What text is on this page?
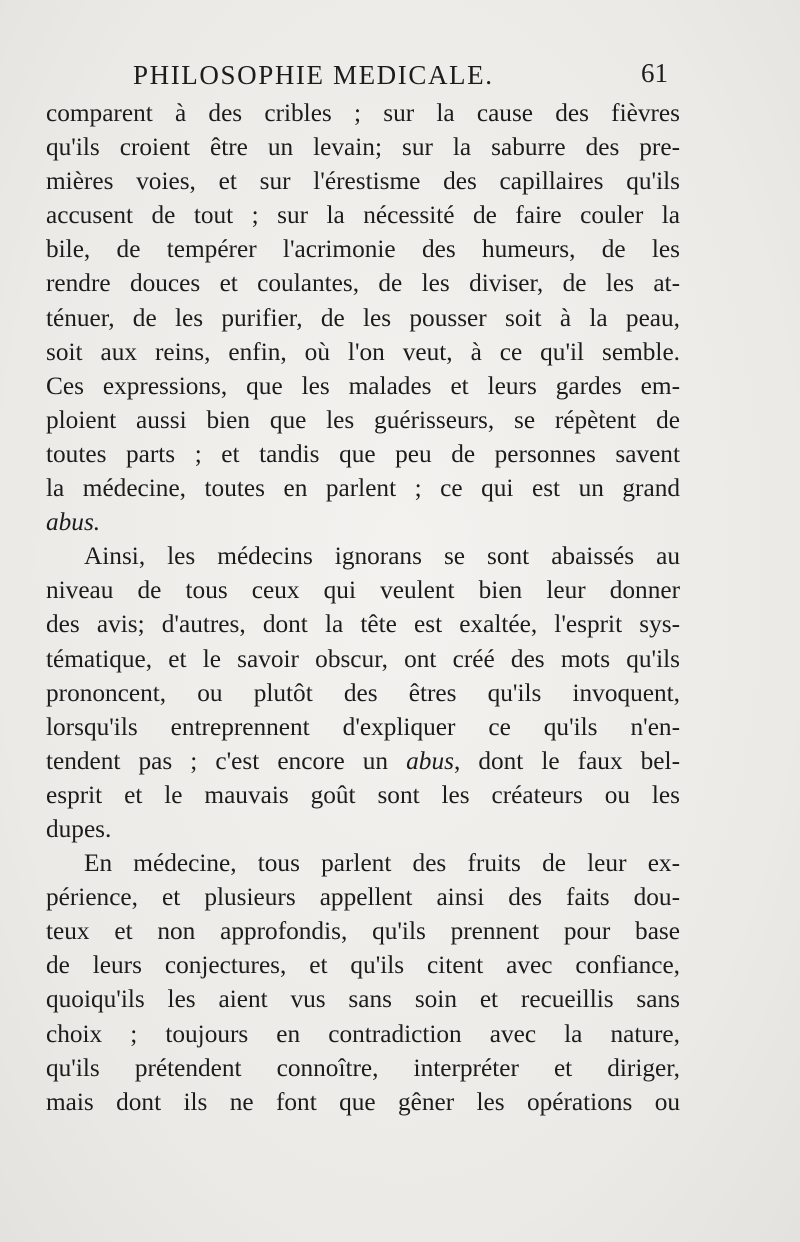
PHILOSOPHIE MEDICALE.	61
comparent à des cribles ; sur la cause des fièvres
qu'ils croient être un levain; sur la saburre des pre-
mières voies, et sur l'érestisme des capillaires qu'ils
accusent de tout ; sur la nécessité de faire couler la
bile, de tempérer l'acrimonie des humeurs, de les
rendre douces et coulantes, de les diviser, de les at-
ténuer, de les purifier, de les pousser soit à la peau,
soit aux reins, enfin, où l'on veut, à ce qu'il semble.
Ces expressions, que les malades et leurs gardes em-
ploient aussi bien que les guérisseurs, se répètent de
toutes parts ; et tandis que peu de personnes savent
la médecine, toutes en parlent ; ce qui est un grand
abus.
Ainsi, les médecins ignorans se sont abaissés au
niveau de tous ceux qui veulent bien leur donner
des avis; d'autres, dont la tête est exaltée, l'esprit sys-
tématique, et le savoir obscur, ont créé des mots qu'ils
prononcent, ou plutôt des êtres qu'ils invoquent,
lorsqu'ils entreprennent d'expliquer ce qu'ils n'en-
tendent pas ; c'est encore un abus, dont le faux bel-
esprit et le mauvais goût sont les créateurs ou les
dupes.
En médecine, tous parlent des fruits de leur ex-
périence, et plusieurs appellent ainsi des faits dou-
teux et non approfondis, qu'ils prennent pour base
de leurs conjectures, et qu'ils citent avec confiance,
quoiqu'ils les aient vus sans soin et recueillis sans
choix ; toujours en contradiction avec la nature,
qu'ils prétendent connoître, interpréter et diriger,
mais dont ils ne font que gêner les opérations ou
